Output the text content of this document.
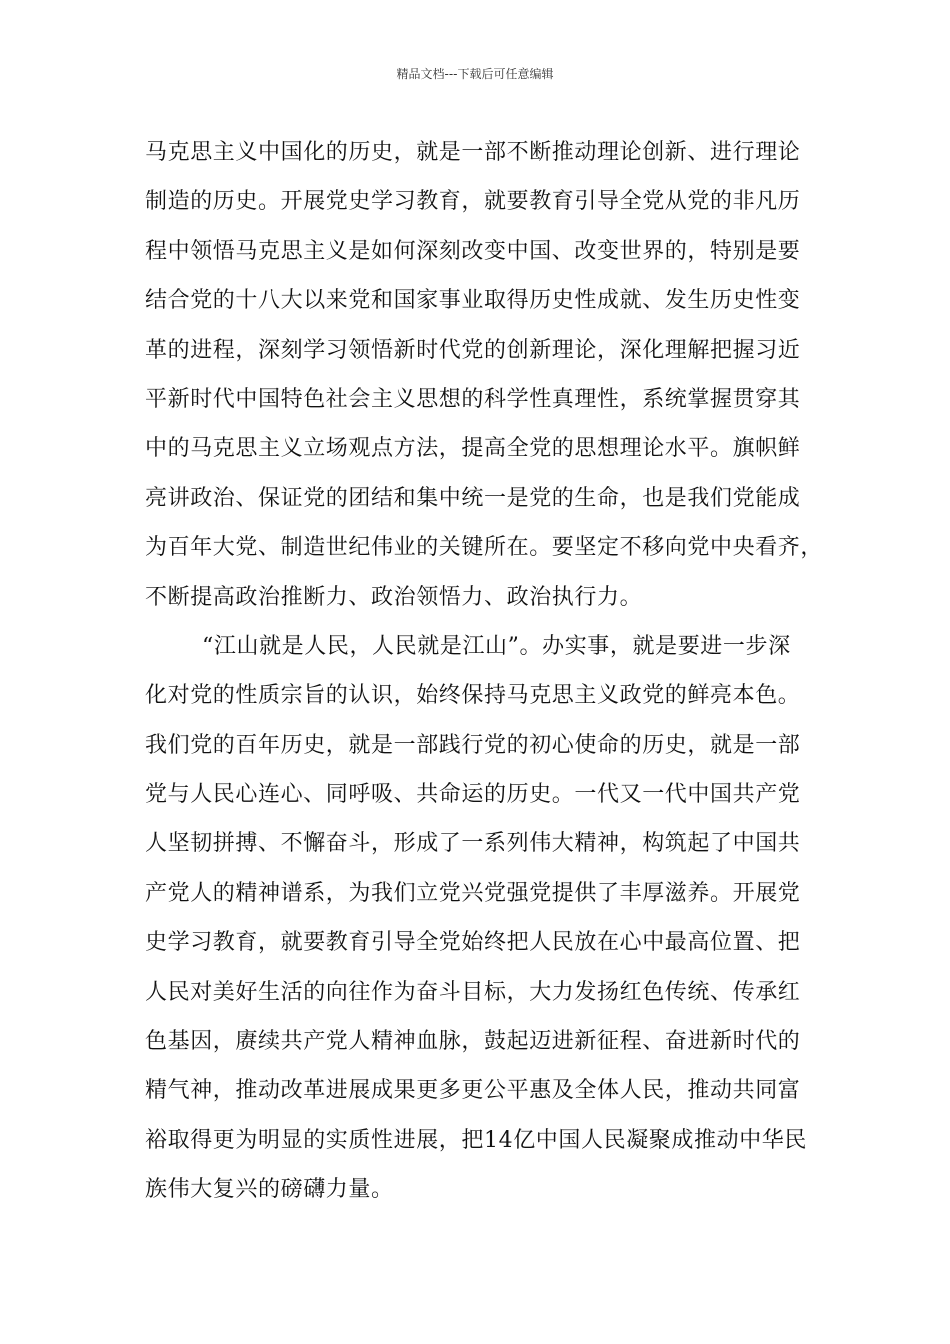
精品文档---下载后可任意编辑
马克思主义中国化的历史，就是一部不断推动理论创新、进行理论
制造的历史。开展党史学习教育，就要教育引导全党从党的非凡历
程中领悟马克思主义是如何深刻改变中国、改变世界的，特别是要
结合党的十八大以来党和国家事业取得历史性成就、发生历史性变
革的进程，深刻学习领悟新时代党的创新理论，深化理解把握习近
平新时代中国特色社会主义思想的科学性真理性，系统掌握贯穿其
中的马克思主义立场观点方法，提高全党的思想理论水平。旗帜鲜
亮讲政治、保证党的团结和集中统一是党的生命，也是我们党能成
为百年大党、制造世纪伟业的关键所在。要坚定不移向党中央看齐，
不断提高政治推断力、政治领悟力、政治执行力。
“江山就是人民，人民就是江山”。办实事，就是要进一步深
化对党的性质宗旨的认识，始终保持马克思主义政党的鲜亮本色。
我们党的百年历史，就是一部践行党的初心使命的历史，就是一部
党与人民心连心、同呼吸、共命运的历史。一代又一代中国共产党
人坚韧拼搏、不懈奋斗，形成了一系列伟大精神，构筑起了中国共
产党人的精神谱系，为我们立党兴党强党提供了丰厚滋养。开展党
史学习教育，就要教育引导全党始终把人民放在心中最高位置、把
人民对美好生活的向往作为奋斗目标，大力发扬红色传统、传承红
色基因，赓续共产党人精神血脉，鼓起迈进新征程、奋进新时代的
精气神，推动改革进展成果更多更公平惠及全体人民，推动共同富
裕取得更为明显的实质性进展，把14亿中国人民凝聚成推动中华民
族伟大复兴的磅礴力量。
